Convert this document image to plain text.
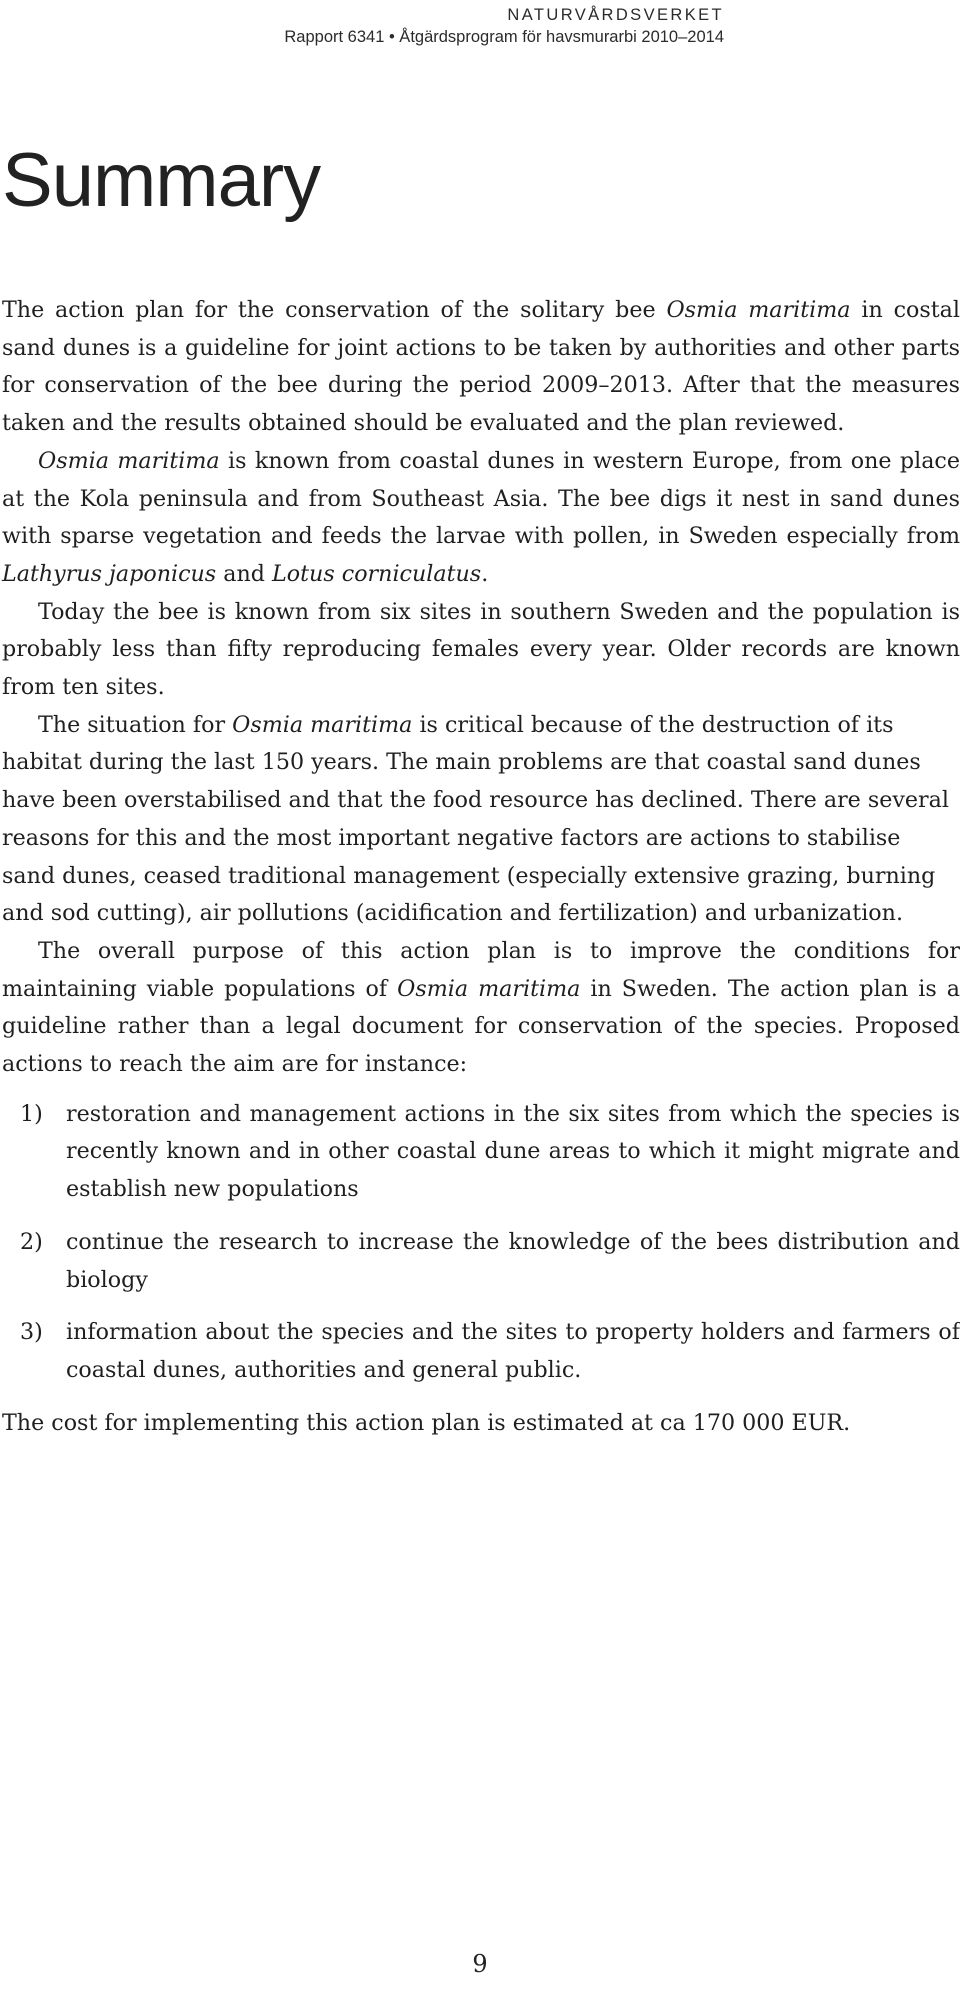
NATURVÅRDSVERKET
Rapport 6341 • Åtgärdsprogram för havsmurarbi 2010–2014
Summary

The action plan for the conservation of the solitary bee Osmia maritima in costal sand dunes is a guideline for joint actions to be taken by authorities and other parts for conservation of the bee during the period 2009–2013. After that the measures taken and the results obtained should be evaluated and the plan reviewed.

Osmia maritima is known from coastal dunes in western Europe, from one place at the Kola peninsula and from Southeast Asia. The bee digs it nest in sand dunes with sparse vegetation and feeds the larvae with pollen, in Sweden especially from Lathyrus japonicus and Lotus corniculatus.

Today the bee is known from six sites in southern Sweden and the population is probably less than fifty reproducing females every year. Older records are known from ten sites.

The situation for Osmia maritima is critical because of the destruction of its habitat during the last 150 years. The main problems are that coastal sand dunes have been overstabilised and that the food resource has declined. There are several reasons for this and the most important negative factors are actions to stabilise sand dunes, ceased traditional management (especially extensive grazing, burning and sod cutting), air pollutions (acidification and fertilization) and urbanization.

The overall purpose of this action plan is to improve the conditions for maintaining viable populations of Osmia maritima in Sweden. The action plan is a guideline rather than a legal document for conservation of the species. Proposed actions to reach the aim are for instance:

1) restoration and management actions in the six sites from which the species is recently known and in other coastal dune areas to which it might migrate and establish new populations
2) continue the research to increase the knowledge of the bees distribution and biology
3) information about the species and the sites to property holders and farmers of coastal dunes, authorities and general public.

The cost for implementing this action plan is estimated at ca 170 000 EUR.

9
